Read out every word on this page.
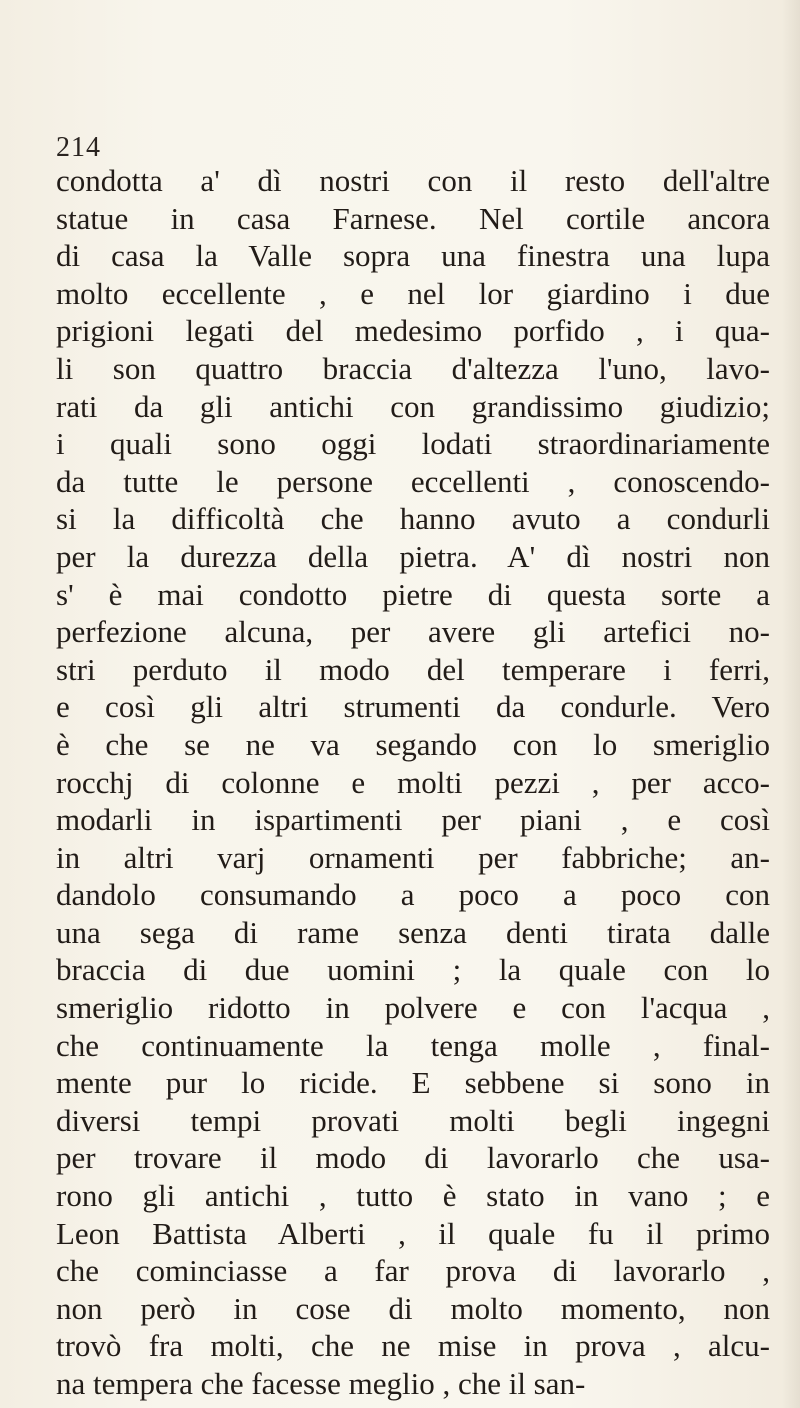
214
condotta a' dì nostri con il resto dell'altre
statue in casa Farnese. Nel cortile ancora
di casa la Valle sopra una finestra una lupa
molto eccellente , e nel lor giardino i due
prigioni legati del medesimo porfido , i qua-
li son quattro braccia d'altezza l'uno, lavo-
rati da gli antichi con grandissimo giudizio;
i quali sono oggi lodati straordinariamente
da tutte le persone eccellenti , conoscendo-
si la difficoltà che hanno avuto a condurli
per la durezza della pietra. A' dì nostri non
s' è mai condotto pietre di questa sorte a
perfezione alcuna, per avere gli artefici no-
stri perduto il modo del temperare i ferri,
e così gli altri strumenti da condurle. Vero
è che se ne va segando con lo smeriglio
rocchj di colonne e molti pezzi , per acco-
modarli in ispartimenti per piani , e così
in altri varj ornamenti per fabbriche; an-
dandolo consumando a poco a poco con
una sega di rame senza denti tirata dalle
braccia di due uomini ; la quale con lo
smeriglio ridotto in polvere e con l'acqua ,
che continuamente la tenga molle , final-
mente pur lo ricide. E sebbene si sono in
diversi tempi provati molti begli ingegni
per trovare il modo di lavorarlo che usa-
rono gli antichi , tutto è stato in vano ; e
Leon Battista Alberti , il quale fu il primo
che cominciasse a far prova di lavorarlo ,
non però in cose di molto momento, non
trovò fra molti, che ne mise in prova , alcu-
na tempera che facesse meglio , che il san-
